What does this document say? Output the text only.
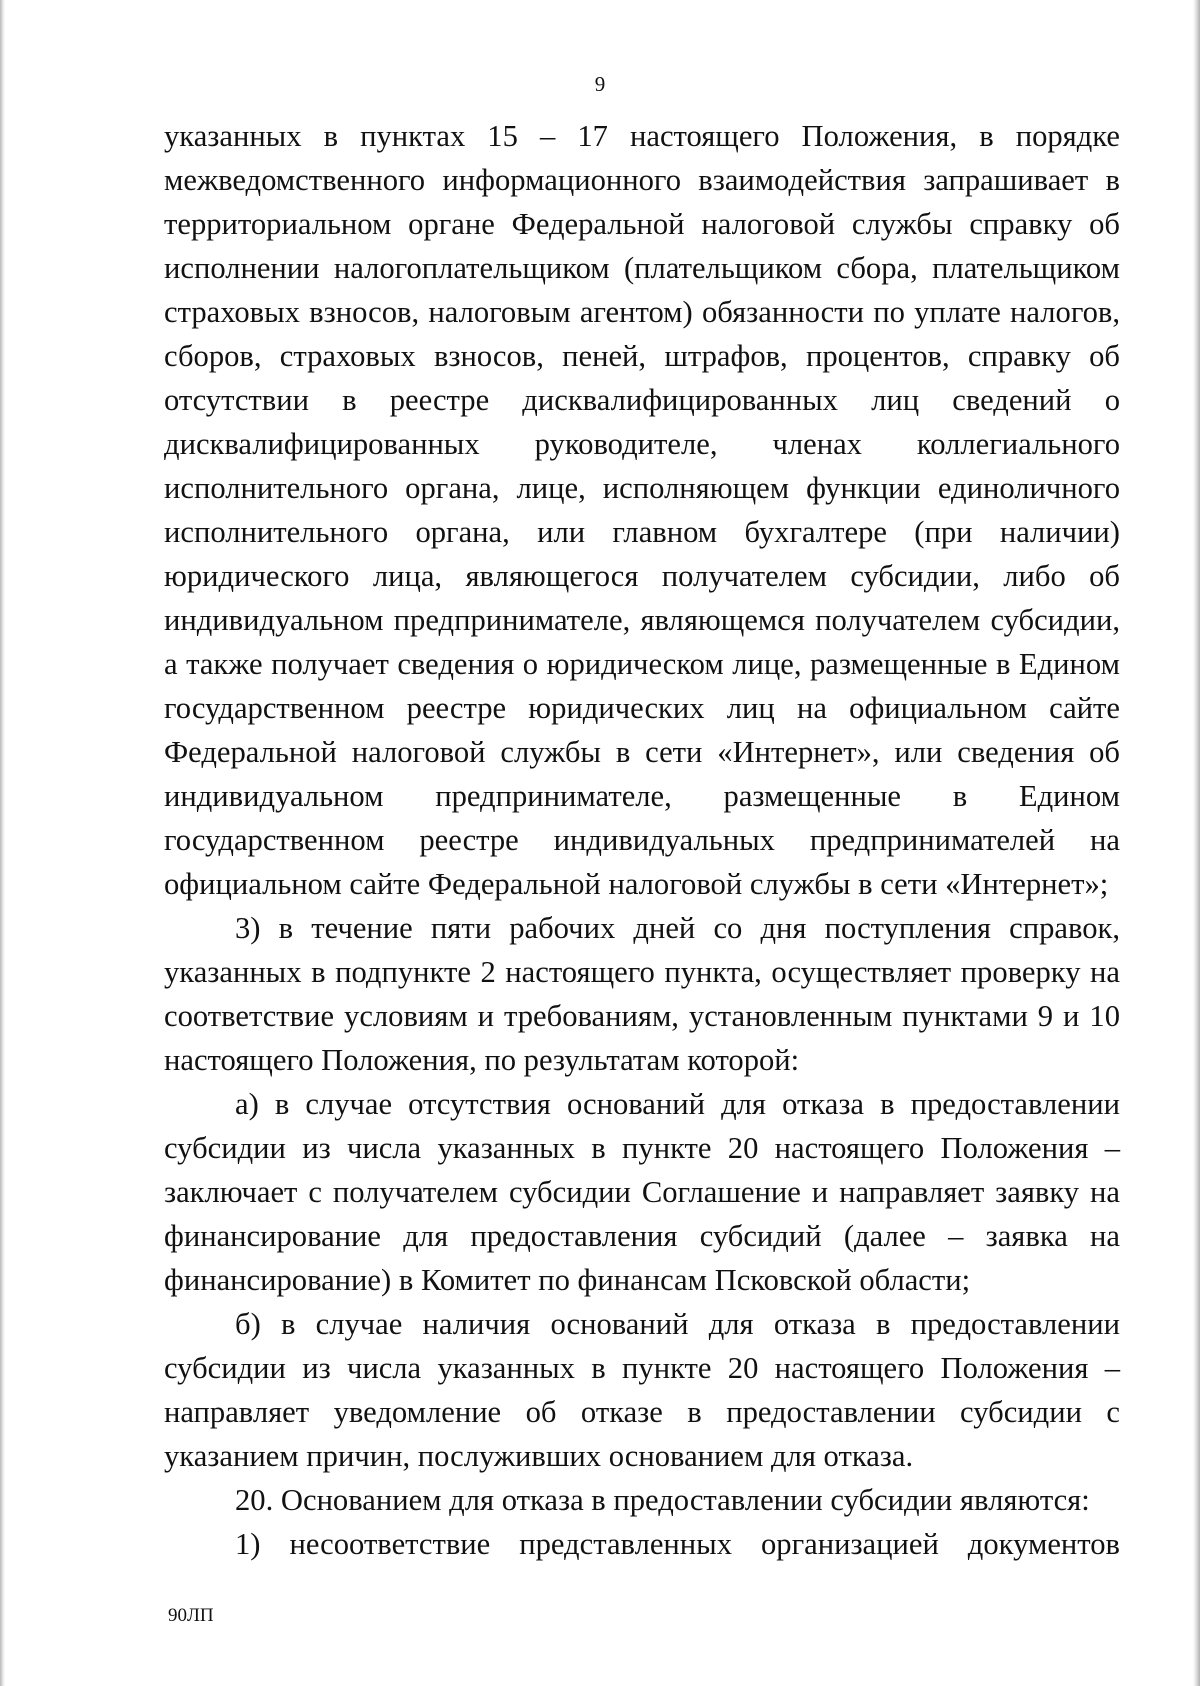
9

указанных в пунктах 15 – 17 настоящего Положения, в порядке межведомственного информационного взаимодействия запрашивает в территориальном органе Федеральной налоговой службы справку об исполнении налогоплательщиком (плательщиком сбора, плательщиком страховых взносов, налоговым агентом) обязанности по уплате налогов, сборов, страховых взносов, пеней, штрафов, процентов, справку об отсутствии в реестре дисквалифицированных лиц сведений о дисквалифицированных руководителе, членах коллегиального исполнительного органа, лице, исполняющем функции единоличного исполнительного органа, или главном бухгалтере (при наличии) юридического лица, являющегося получателем субсидии, либо об индивидуальном предпринимателе, являющемся получателем субсидии, а также получает сведения о юридическом лице, размещенные в Едином государственном реестре юридических лиц на официальном сайте Федеральной налоговой службы в сети «Интернет», или сведения об индивидуальном предпринимателе, размещенные в Едином государственном реестре индивидуальных предпринимателей на официальном сайте Федеральной налоговой службы в сети «Интернет»;

3) в течение пяти рабочих дней со дня поступления справок, указанных в подпункте 2 настоящего пункта, осуществляет проверку на соответствие условиям и требованиям, установленным пунктами 9 и 10 настоящего Положения, по результатам которой:

а) в случае отсутствия оснований для отказа в предоставлении субсидии из числа указанных в пункте 20 настоящего Положения – заключает с получателем субсидии Соглашение и направляет заявку на финансирование для предоставления субсидий (далее – заявка на финансирование) в Комитет по финансам Псковской области;

б) в случае наличия оснований для отказа в предоставлении субсидии из числа указанных в пункте 20 настоящего Положения – направляет уведомление об отказе в предоставлении субсидии с указанием причин, послуживших основанием для отказа.

20. Основанием для отказа в предоставлении субсидии являются:

1) несоответствие представленных организацией документов

90ЛП
